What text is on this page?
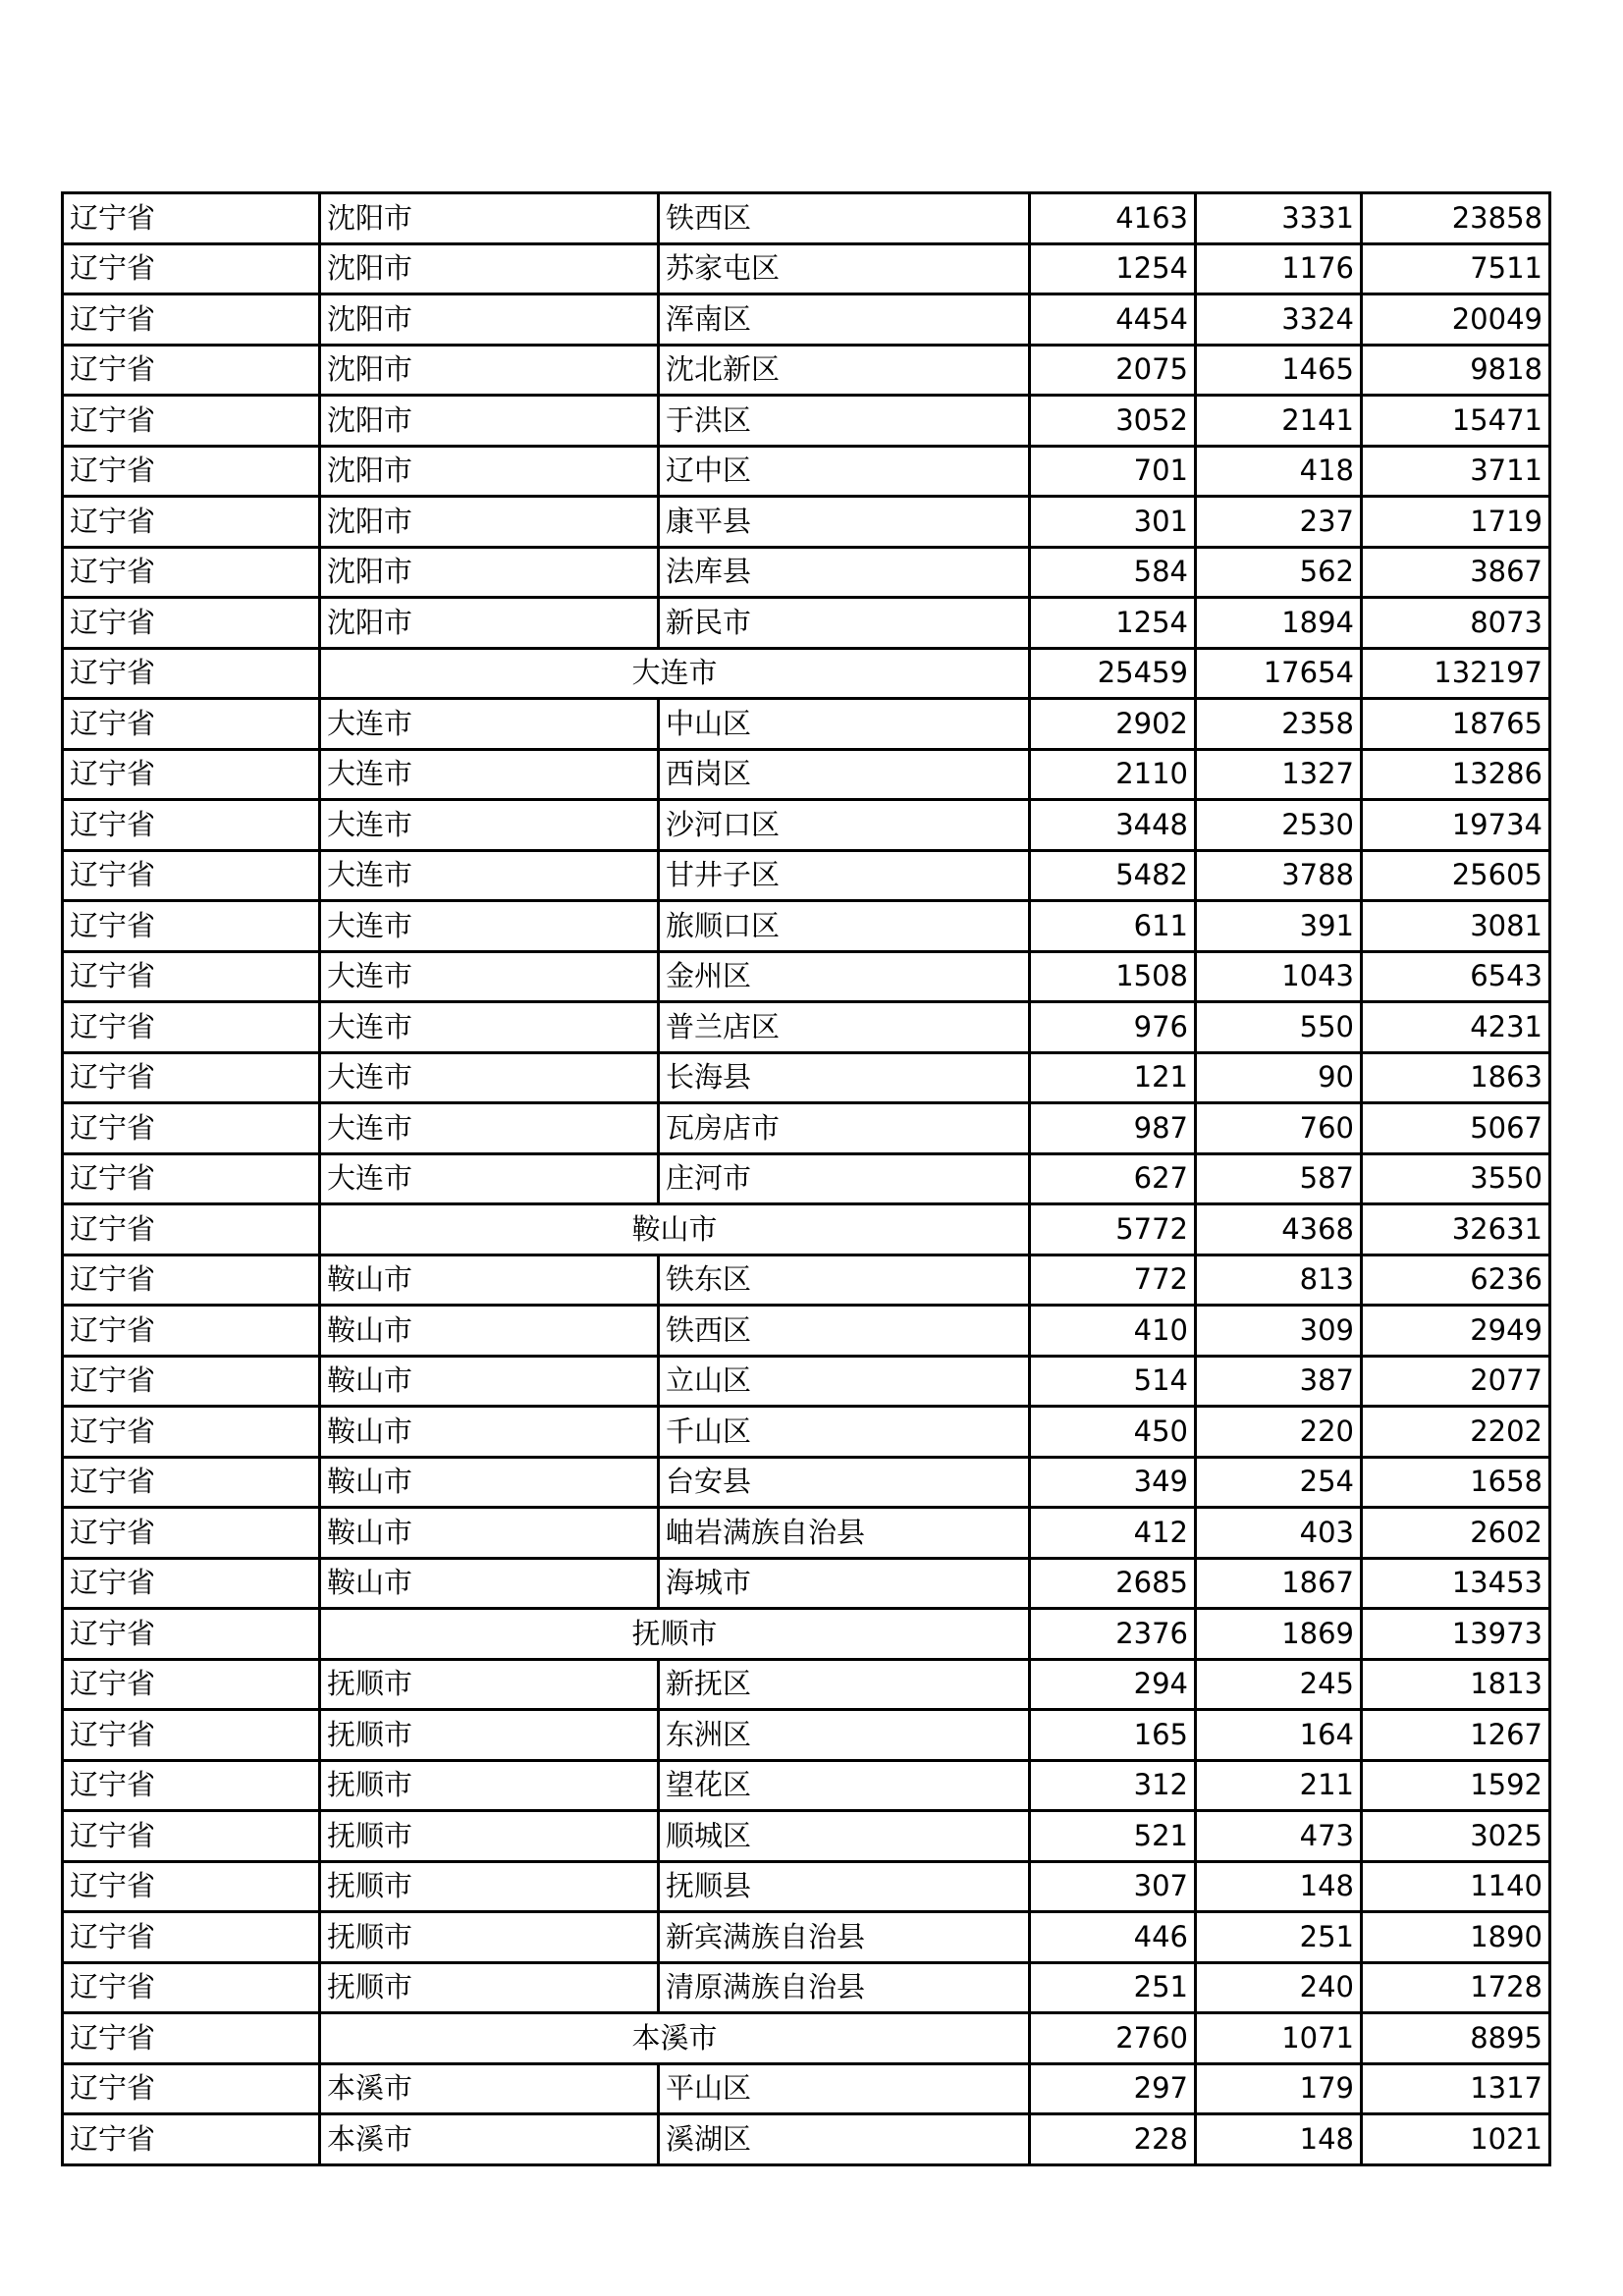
辽宁省	沈阳市	铁西区	4163	3331	23858
辽宁省	沈阳市	苏家屯区	1254	1176	7511
辽宁省	沈阳市	浑南区	4454	3324	20049
辽宁省	沈阳市	沈北新区	2075	1465	9818
辽宁省	沈阳市	于洪区	3052	2141	15471
辽宁省	沈阳市	辽中区	701	418	3711
辽宁省	沈阳市	康平县	301	237	1719
辽宁省	沈阳市	法库县	584	562	3867
辽宁省	沈阳市	新民市	1254	1894	8073
辽宁省	大连市		25459	17654	132197
辽宁省	大连市	中山区	2902	2358	18765
辽宁省	大连市	西岗区	2110	1327	13286
辽宁省	大连市	沙河口区	3448	2530	19734
辽宁省	大连市	甘井子区	5482	3788	25605
辽宁省	大连市	旅顺口区	611	391	3081
辽宁省	大连市	金州区	1508	1043	6543
辽宁省	大连市	普兰店区	976	550	4231
辽宁省	大连市	长海县	121	90	1863
辽宁省	大连市	瓦房店市	987	760	5067
辽宁省	大连市	庄河市	627	587	3550
辽宁省	鞍山市		5772	4368	32631
辽宁省	鞍山市	铁东区	772	813	6236
辽宁省	鞍山市	铁西区	410	309	2949
辽宁省	鞍山市	立山区	514	387	2077
辽宁省	鞍山市	千山区	450	220	2202
辽宁省	鞍山市	台安县	349	254	1658
辽宁省	鞍山市	岫岩满族自治县	412	403	2602
辽宁省	鞍山市	海城市	2685	1867	13453
辽宁省	抚顺市		2376	1869	13973
辽宁省	抚顺市	新抚区	294	245	1813
辽宁省	抚顺市	东洲区	165	164	1267
辽宁省	抚顺市	望花区	312	211	1592
辽宁省	抚顺市	顺城区	521	473	3025
辽宁省	抚顺市	抚顺县	307	148	1140
辽宁省	抚顺市	新宾满族自治县	446	251	1890
辽宁省	抚顺市	清原满族自治县	251	240	1728
辽宁省	本溪市		2760	1071	8895
辽宁省	本溪市	平山区	297	179	1317
辽宁省	本溪市	溪湖区	228	148	1021
